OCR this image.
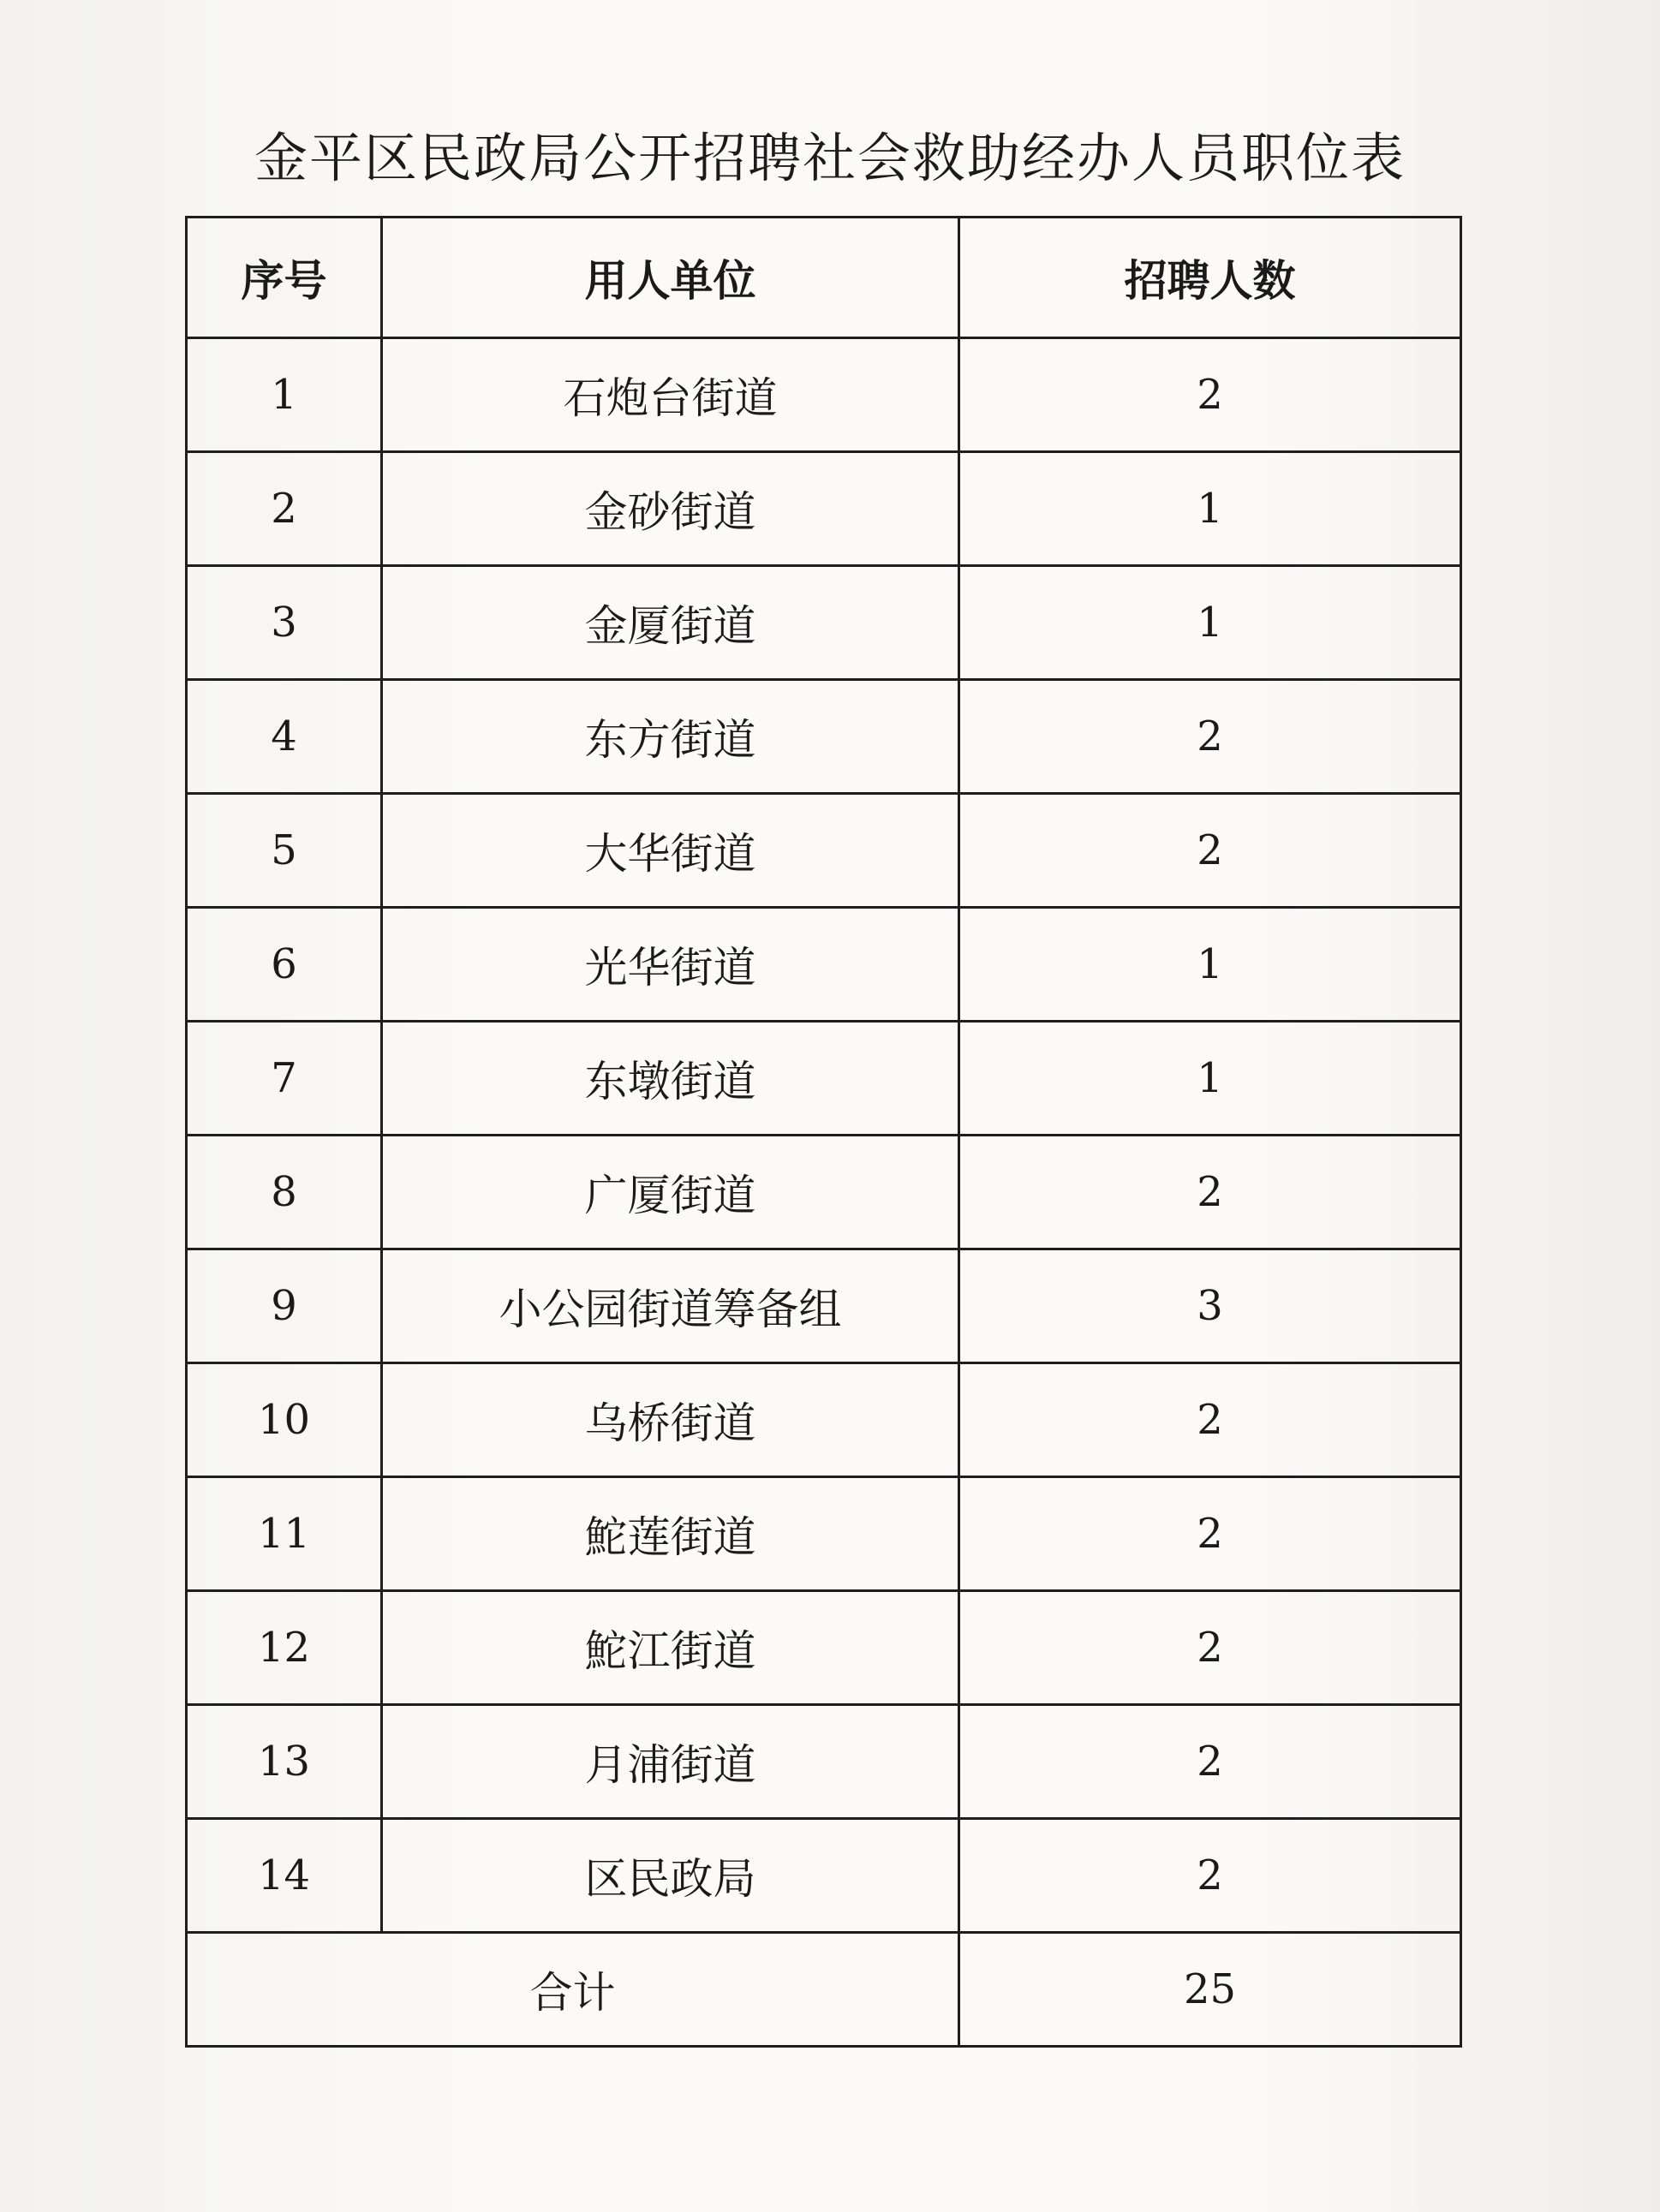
金平区民政局公开招聘社会救助经办人员职位表
序号	用人单位	招聘人数
1	石炮台街道	2
2	金砂街道	1
3	金厦街道	1
4	东方街道	2
5	大华街道	2
6	光华街道	1
7	东墩街道	1
8	广厦街道	2
9	小公园街道筹备组	3
10	乌桥街道	2
11	鮀莲街道	2
12	鮀江街道	2
13	月浦街道	2
14	区民政局	2
合计		25
